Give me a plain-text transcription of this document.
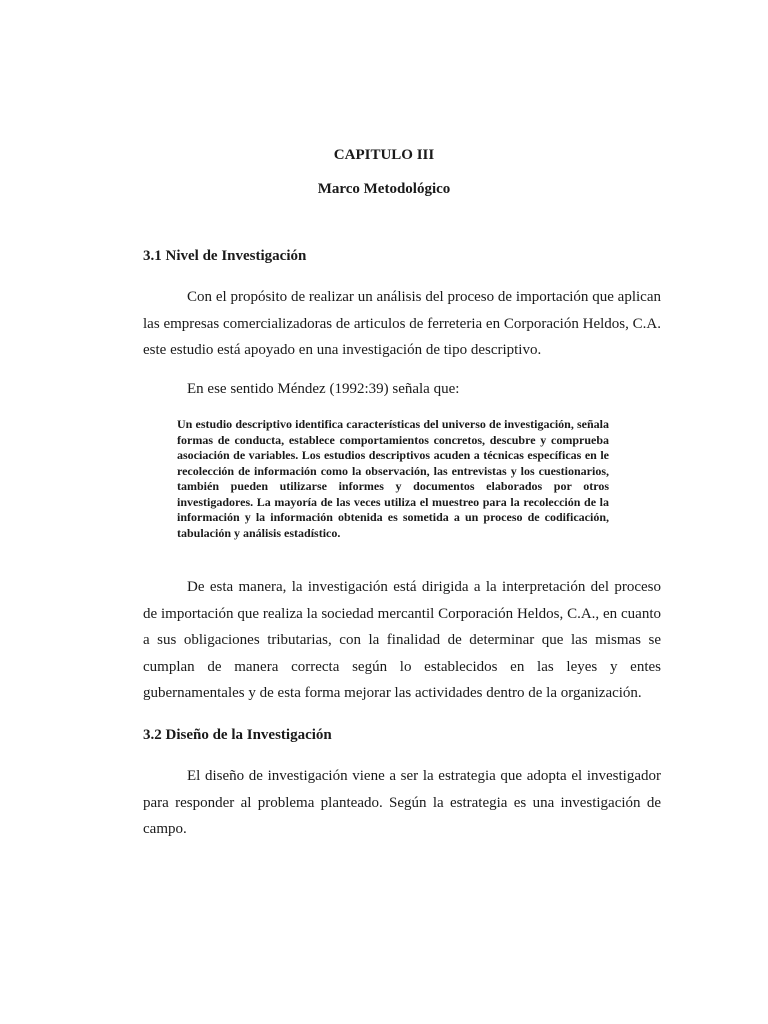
CAPITULO III
Marco Metodológico
3.1 Nivel de Investigación

Con el propósito de realizar un análisis del proceso de importación que aplican las empresas comercializadoras de articulos de ferreteria en Corporación Heldos, C.A. este estudio está apoyado en una investigación de tipo descriptivo.

En ese sentido Méndez (1992:39) señala que:

Un estudio descriptivo identifica características del universo de investigación, señala formas de conducta, establece comportamientos concretos, descubre y comprueba asociación de variables. Los estudios descriptivos acuden a técnicas específicas en le recolección de información como la observación, las entrevistas y los cuestionarios, también pueden utilizarse informes y documentos elaborados por otros investigadores. La mayoría de las veces utiliza el muestreo para la recolección de la información y la información obtenida es sometida a un proceso de codificación, tabulación y análisis estadístico.

De esta manera, la investigación está dirigida a la interpretación del proceso de importación que realiza la sociedad mercantil Corporación Heldos, C.A., en cuanto a sus obligaciones tributarias, con la finalidad de determinar que las mismas se cumplan de manera correcta según lo establecidos en las leyes y entes gubernamentales y de esta forma mejorar las actividades dentro de la organización.

3.2 Diseño de la Investigación

El diseño de investigación viene a ser la estrategia que adopta el investigador para responder al problema planteado. Según la estrategia es una investigación de campo.
